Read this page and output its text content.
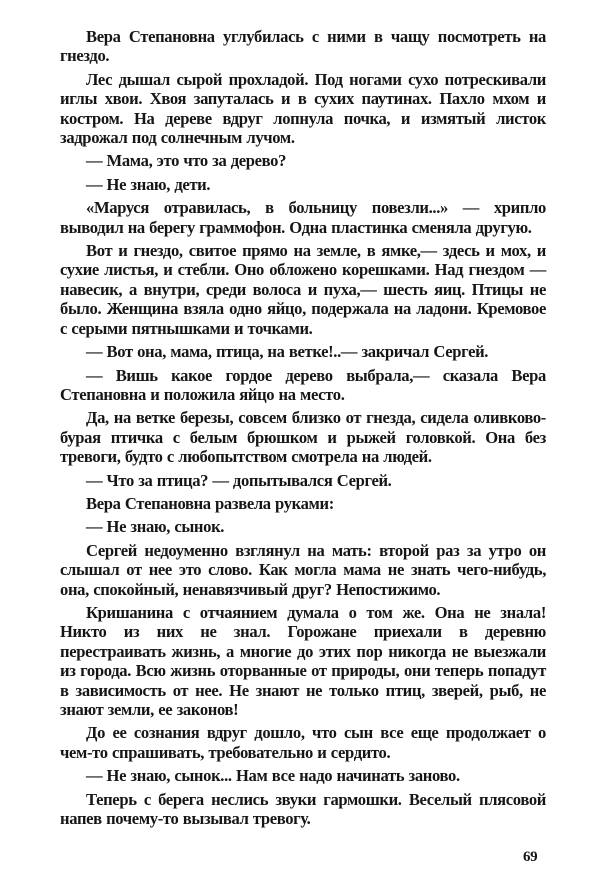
Вера Степановна углубилась с ними в чащу посмотреть на гнездо.

Лес дышал сырой прохладой. Под ногами сухо потрескивали иглы хвои. Хвоя запуталась и в сухих паутинах. Пахло мхом и костром. На дереве вдруг лопнула почка, и измятый листок задрожал под солнечным лучом.

— Мама, это что за дерево?

— Не знаю, дети.

«Маруся отравилась, в больницу повезли...» — хрипло выводил на берегу граммофон. Одна пластинка сменяла другую.

Вот и гнездо, свитое прямо на земле, в ямке,— здесь и мох, и сухие листья, и стебли. Оно обложено корешками. Над гнездом — навесик, а внутри, среди волоса и пуха,— шесть яиц. Птицы не было. Женщина взяла одно яйцо, подержала на ладони. Кремовое с серыми пятнышками и точками.

— Вот она, мама, птица, на ветке!..— закричал Сергей.

— Вишь какое гордое дерево выбрала,— сказала Вера Степановна и положила яйцо на место.

Да, на ветке березы, совсем близко от гнезда, сидела оливково-бурая птичка с белым брюшком и рыжей головкой. Она без тревоги, будто с любопытством смотрела на людей.

— Что за птица? — допытывался Сергей.

Вера Степановна развела руками:

— Не знаю, сынок.

Сергей недоуменно взглянул на мать: второй раз за утро он слышал от нее это слово. Как могла мама не знать чего-нибудь, она, спокойный, ненавязчивый друг? Непостижимо.

Кришанина с отчаянием думала о том же. Она не знала! Никто из них не знал. Горожане приехали в деревню перестраивать жизнь, а многие до этих пор никогда не выезжали из города. Всю жизнь оторванные от природы, они теперь попадут в зависимость от нее. Не знают не только птиц, зверей, рыб, не знают земли, ее законов!

До ее сознания вдруг дошло, что сын все еще продолжает о чем-то спрашивать, требовательно и сердито.

— Не знаю, сынок... Нам все надо начинать заново.

Теперь с берега неслись звуки гармошки. Веселый плясовой напев почему-то вызывал тревогу.

69
